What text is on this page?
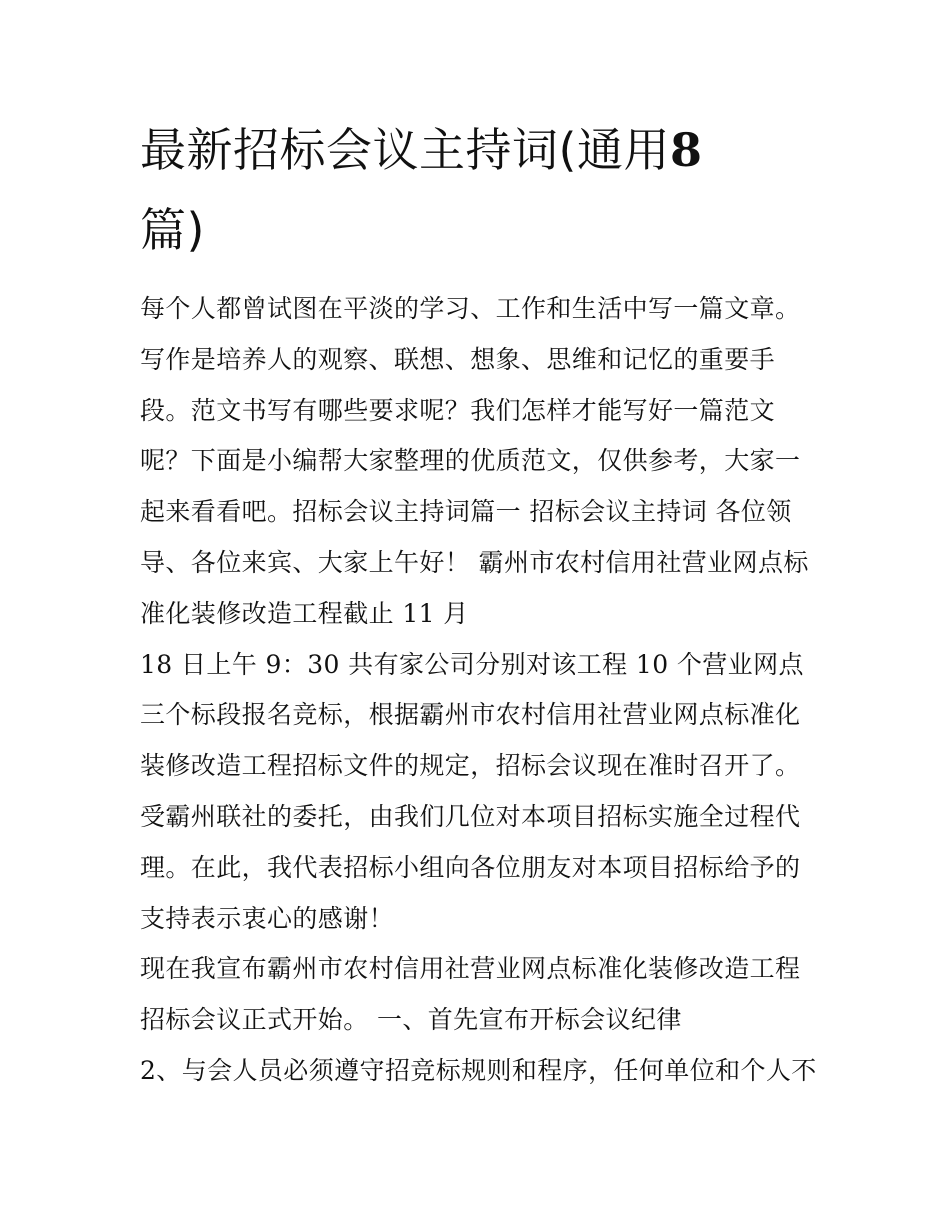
最新招标会议主持词(通用8
篇)

每个人都曾试图在平淡的学习、工作和生活中写一篇文章。写作是培养人的观察、联想、想象、思维和记忆的重要手段。范文书写有哪些要求呢？我们怎样才能写好一篇范文呢？下面是小编帮大家整理的优质范文，仅供参考，大家一起来看看吧。招标会议主持词篇一 招标会议主持词 各位领导、各位来宾、大家上午好！ 霸州市农村信用社营业网点标准化装修改造工程截止 11 月

18 日上午 9：30 共有家公司分别对该工程 10 个营业网点三个标段报名竞标，根据霸州市农村信用社营业网点标准化装修改造工程招标文件的规定，招标会议现在准时召开了。受霸州联社的委托，由我们几位对本项目招标实施全过程代理。在此，我代表招标小组向各位朋友对本项目招标给予的支持表示衷心的感谢！

现在我宣布霸州市农村信用社营业网点标准化装修改造工程招标会议正式开始。 一、首先宣布开标会议纪律

2、与会人员必须遵守招竞标规则和程序，任何单位和个人不
